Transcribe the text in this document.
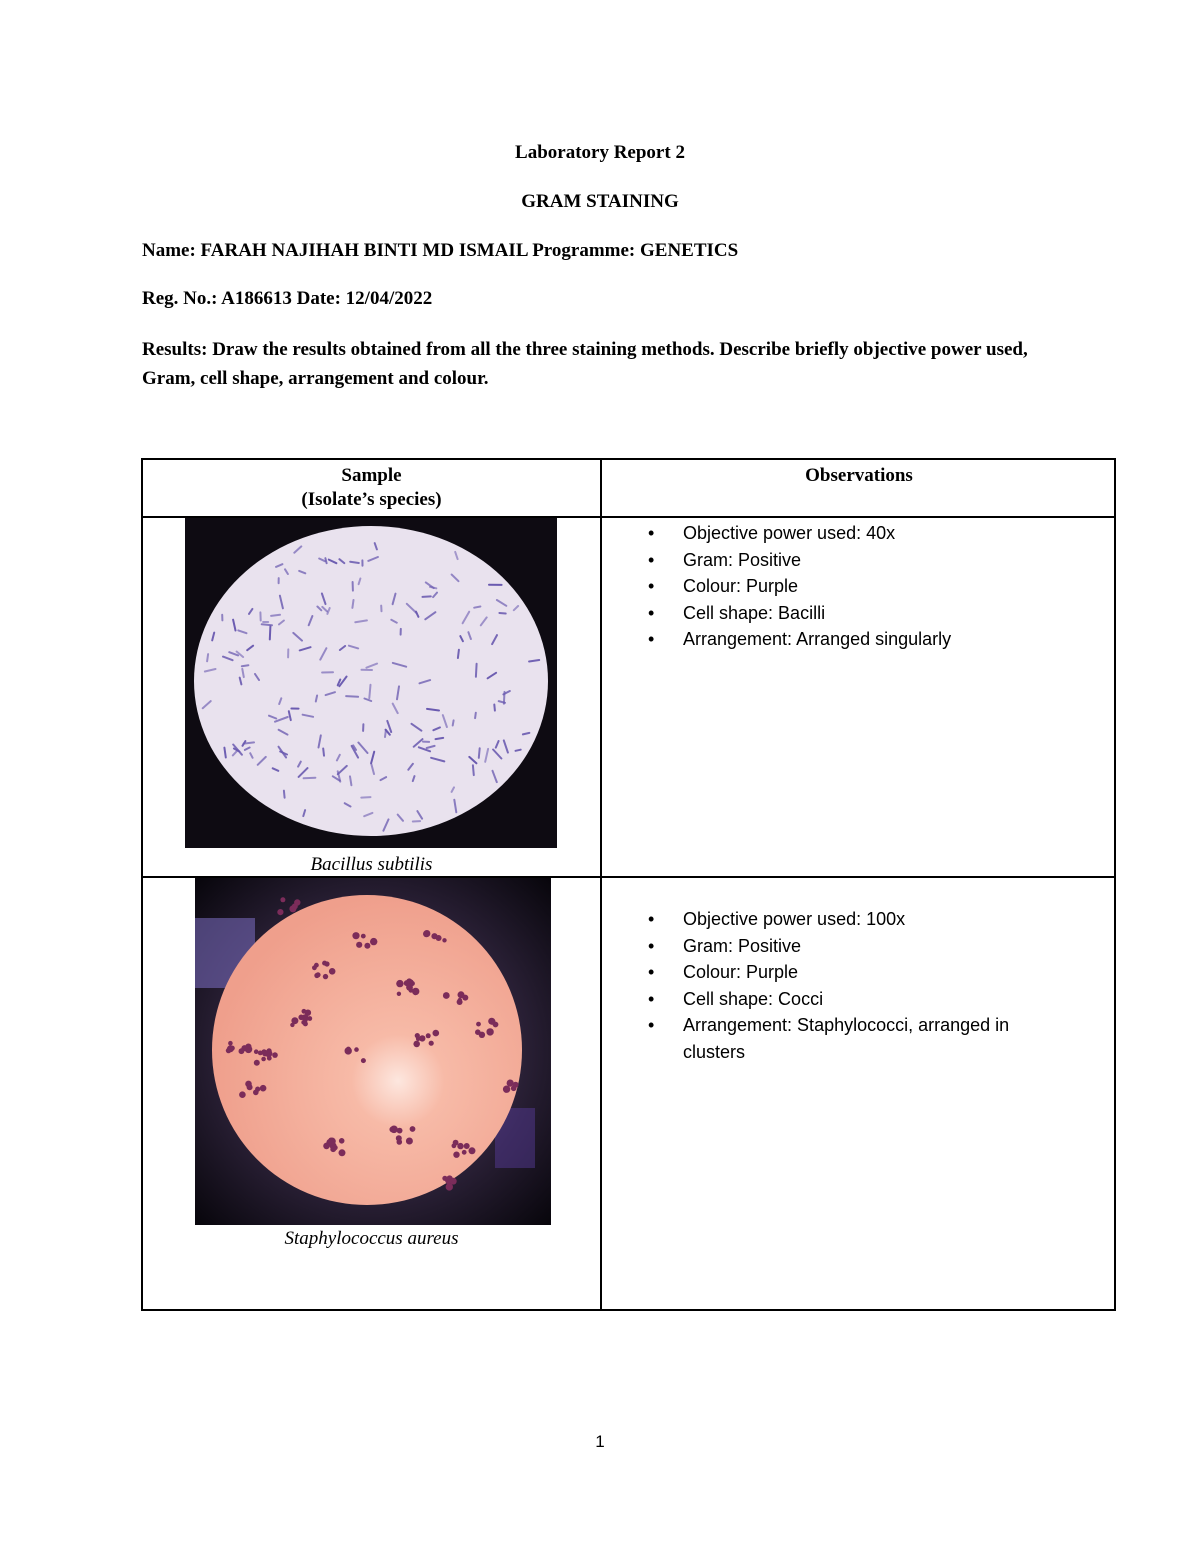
Laboratory Report 2
GRAM STAINING
Name: FARAH NAJIHAH BINTI MD ISMAIL Programme: GENETICS
Reg. No.: A186613 Date: 12/04/2022
Results: Draw the results obtained from all the three staining methods. Describe briefly objective power used, Gram, cell shape, arrangement and colour.
Sample
(Isolate’s species)
Observations
Bacillus subtilis
• Objective power used: 40x
• Gram: Positive
• Colour: Purple
• Cell shape: Bacilli
• Arrangement: Arranged singularly
Staphylococcus aureus
• Objective power used: 100x
• Gram: Positive
• Colour: Purple
• Cell shape: Cocci
• Arrangement: Staphylococci, arranged in clusters
1
